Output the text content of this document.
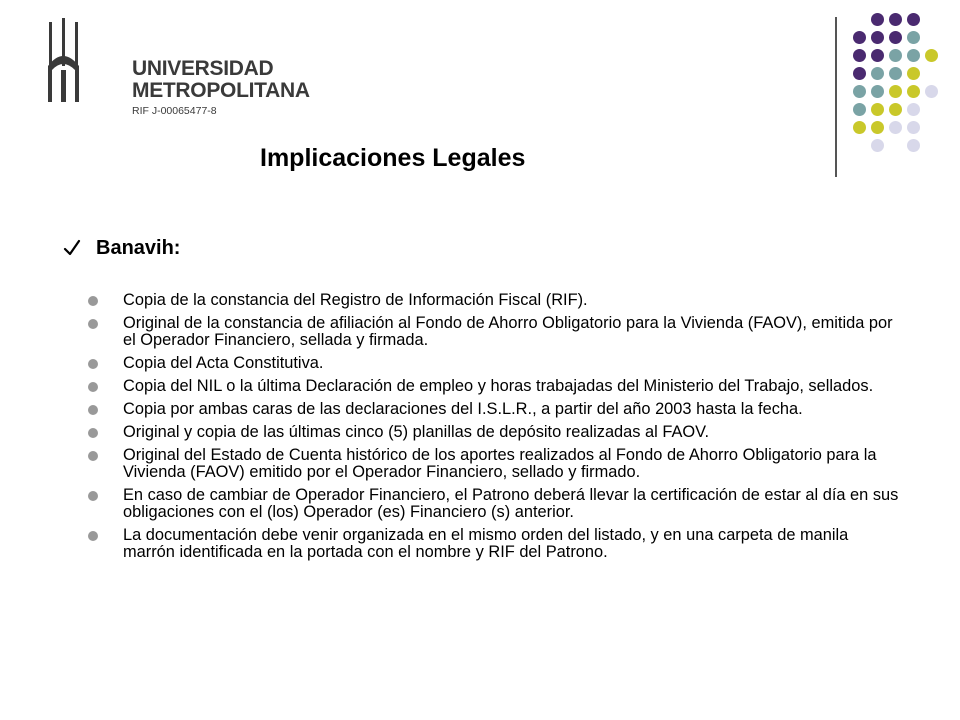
UNIVERSIDAD
METROPOLITANA
RIF J-00065477-8
Implicaciones Legales
Banavih:
Copia de la constancia del Registro de Información Fiscal (RIF).
Original de la constancia de afiliación al Fondo de Ahorro Obligatorio para la Vivienda (FAOV), emitida por el Operador Financiero, sellada y firmada.
Copia del Acta Constitutiva.
Copia del NIL o la última Declaración de empleo y horas trabajadas del Ministerio del Trabajo, sellados.
Copia por ambas caras de las declaraciones del I.S.L.R., a partir del año 2003 hasta la fecha.
Original y copia de las últimas cinco (5) planillas de depósito realizadas al FAOV.
Original del Estado de Cuenta histórico de los aportes realizados al Fondo de Ahorro Obligatorio para la Vivienda (FAOV) emitido por el Operador Financiero, sellado y firmado.
En caso de cambiar de Operador Financiero, el Patrono deberá llevar la certificación de estar al día en sus obligaciones con el (los) Operador (es) Financiero (s) anterior.
La documentación debe venir organizada en el mismo orden del listado, y en una carpeta de manila marrón identificada en la portada con el nombre y RIF del Patrono.
